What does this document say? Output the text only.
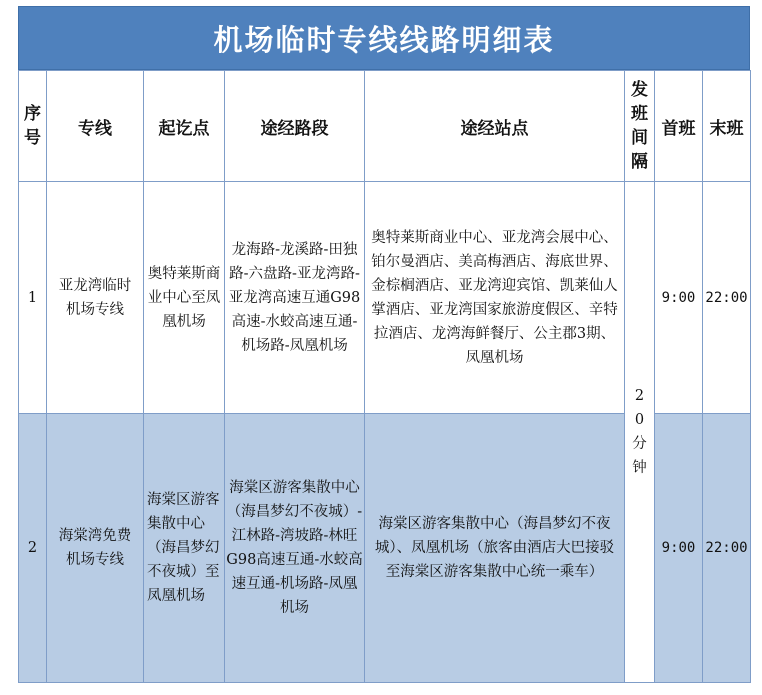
机场临时专线线路明细表
序号	专线	起讫点	途经路段	途经站点	发班间隔	首班	末班
1	亚龙湾临时机场专线	奥特莱斯商业中心至凤凰机场	龙海路-龙溪路-田独路-六盘路-亚龙湾路-亚龙湾高速互通G98高速-水蛟高速互通-机场路-凤凰机场	奥特莱斯商业中心、亚龙湾会展中心、铂尔曼酒店、美高梅酒店、海底世界、金棕榈酒店、亚龙湾迎宾馆、凯莱仙人掌酒店、亚龙湾国家旅游度假区、辛特拉酒店、龙湾海鲜餐厅、公主郡3期、凤凰机场	20分钟	9:00	22:00
2	海棠湾免费机场专线	海棠区游客集散中心（海昌梦幻不夜城）至凤凰机场	海棠区游客集散中心（海昌梦幻不夜城）-江林路-湾坡路-林旺G98高速互通-水蛟高速互通-机场路-凤凰机场	海棠区游客集散中心（海昌梦幻不夜城）、凤凰机场（旅客由酒店大巴接驳至海棠区游客集散中心统一乘车）		9:00	22:00
